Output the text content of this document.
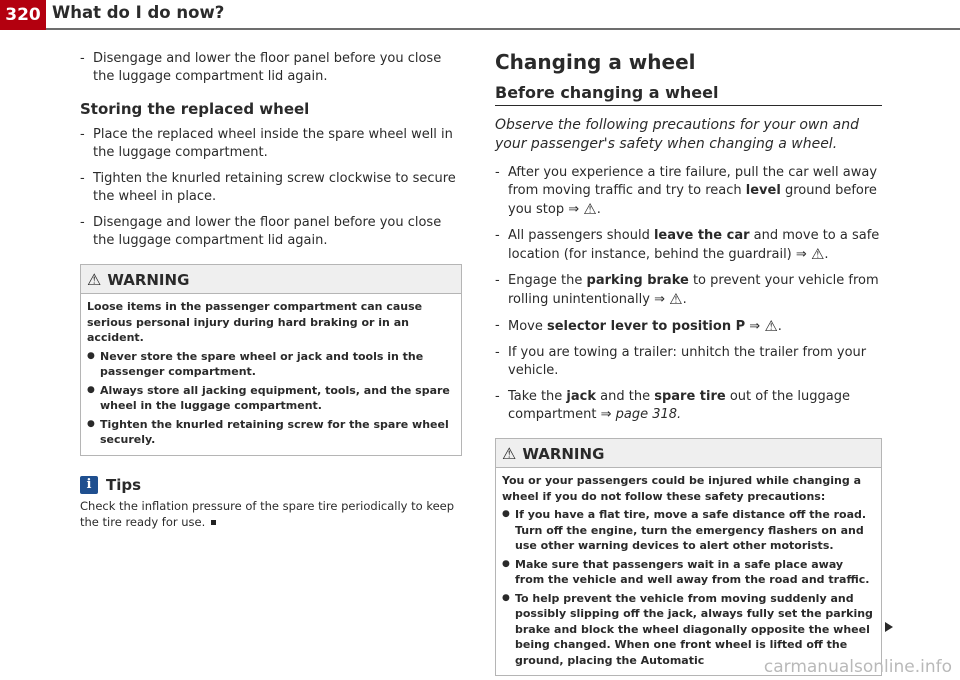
320 What do I do now?
- Disengage and lower the floor panel before you close the luggage compartment lid again.
Storing the replaced wheel
- Place the replaced wheel inside the spare wheel well in the luggage compartment.
- Tighten the knurled retaining screw clockwise to secure the wheel in place.
- Disengage and lower the floor panel before you close the luggage compartment lid again.
⚠ WARNING

Loose items in the passenger compartment can cause serious personal injury during hard braking or in an accident.

● Never store the spare wheel or jack and tools in the passenger compartment.

● Always store all jacking equipment, tools, and the spare wheel in the luggage compartment.

● Tighten the knurled retaining screw for the spare wheel securely.

i Tips
Check the inflation pressure of the spare tire periodically to keep the tire ready for use.
Changing a wheel
Before changing a wheel
Observe the following precautions for your own and your passenger's safety when changing a wheel.
- After you experience a tire failure, pull the car well away from moving traffic and try to reach level ground before you stop ⇒ ⚠.
- All passengers should leave the car and move to a safe location (for instance, behind the guardrail) ⇒ ⚠.
- Engage the parking brake to prevent your vehicle from rolling unintentionally ⇒ ⚠.
- Move selector lever to position P ⇒ ⚠.
- If you are towing a trailer: unhitch the trailer from your vehicle.
- Take the jack and the spare tire out of the luggage compartment ⇒ page 318.
⚠ WARNING

You or your passengers could be injured while changing a wheel if you do not follow these safety precautions:

● If you have a flat tire, move a safe distance off the road. Turn off the engine, turn the emergency flashers on and use other warning devices to alert other motorists.

● Make sure that passengers wait in a safe place away from the vehicle and well away from the road and traffic.

● To help prevent the vehicle from moving suddenly and possibly slipping off the jack, always fully set the parking brake and block the wheel diagonally opposite the wheel being changed. When one front wheel is lifted off the ground, placing the Automatic	carmanualsonline.info
